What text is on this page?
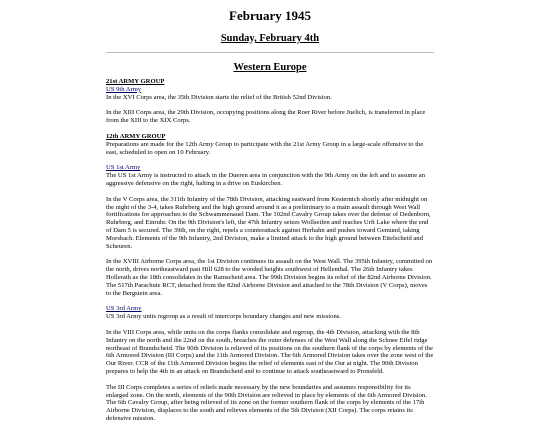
February 1945
Sunday, February 4th
Western Europe
21st ARMY GROUP
US 9th Army

In the XVI Corps area, the 35th Division starts the relief of the British 52nd Division.

In the XIII Corps area, the 29th Division, occupying positions along the Roer River before Juelich, is transferred in place from the XIII to the XIX Corps.

12th ARMY GROUP

Preparations are made for the 12th Army Group to participate with the 21st Army Group in a large-scale offensive to the east, scheduled to open on 10 February.

US 1st Army

The US 1st Army is instructed to attack in the Dueren area in conjunction with the 9th Army on the left and to assume an aggressive defensive on the right, halting in a drive on Euskirchen.

In the V Corps area, the 311th Infantry of the 78th Division, attacking eastward from Kesternich shortly after midnight on the night of the 3-4, takes Ruhrberg and the high ground around it as a preliminary to a main assault through West Wall fortifications for approaches to the Schwammenauel Dam. The 102nd Cavalry Group takes over the defense of Dedenborn, Ruhrberg, and Einruhr. On the 9th Division's left, the 47th Infantry seizes Wollseifen and reaches Urft Lake where the end of Dam 5 is secured. The 39th, on the right, repels a counterattack against Herhahn and pushes toward Gemund, taking Morsbach. Elements of the 9th Infantry, 2nd Division, make a limited attack to the high ground between Ettelscheid and Scheuren.

In the XVIII Airborne Corps area, the 1st Division continues its assault on the West Wall. The 395th Infantry, committed on the north, drives northeastward past Hill 628 to the wooded heights southwest of Hellenthal. The 26th Infantry takes Hollerath as the 18th consolidates in the Ramscheid area. The 99th Division begins its relief of the 82nd Airborne Division. The 517th Parachute RCT, detached from the 82nd Airborne Division and attached to the 78th Division (V Corps), moves to the Bergstein area.

US 3rd Army

US 3rd Army units regroup as a result of intercorps boundary changes and new missions.

In the VIII Corps area, while units on the corps flanks consolidate and regroup, the 4th Division, attacking with the 8th Infantry on the north and the 22nd on the south, breaches the outer defenses of the West Wall along the Schnee Eifel ridge northeast of Brandscheid. The 90th Division is relieved of its positions on the southern flank of the corps by elements of the 6th Armored Division (III Corps) and the 11th Armored Division. The 6th Armored Division takes over the zone west of the Our River. CCR of the 11th Armored Division begins the relief of elements east of the Our at night. The 90th Division prepares to help the 4th in an attack on Brandscheid and to continue to attack southeastward to Pronsfeld.

The III Corps completes a series of reliefs made necessary by the new boundaries and assumes responsibility for its enlarged zone. On the north, elements of the 90th Division are relieved in place by elements of the 6th Armored Division. The 6th Cavalry Group, after being relieved of its zone on the former southern flank of the corps by elements of the 17th Airborne Division, displaces to the south and relieves elements of the 5th Division (XII Corps). The corps retains its defensive mission.
